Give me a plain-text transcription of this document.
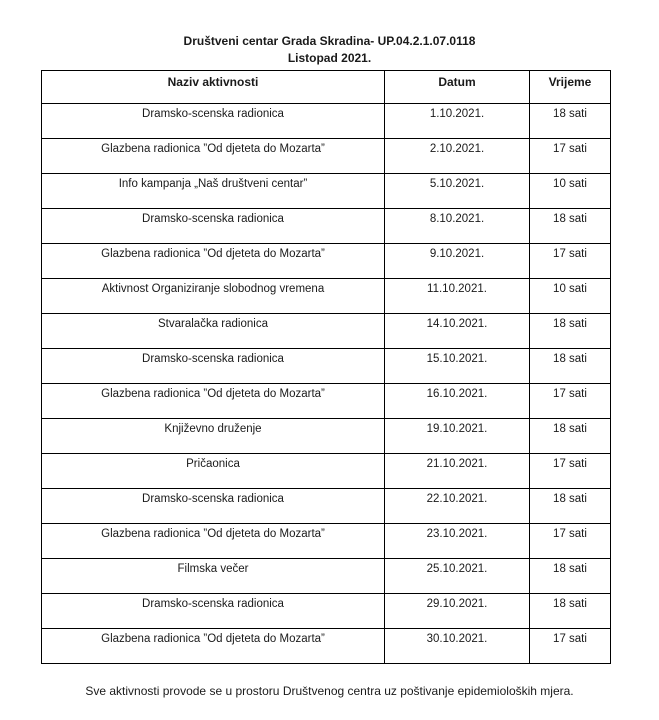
Društveni centar Grada Skradina- UP.04.2.1.07.0118
Listopad 2021.
Naziv aktivnosti	Datum	Vrijeme
Dramsko-scenska radionica	1.10.2021.	18 sati
Glazbena radionica ”Od djeteta do Mozarta”	2.10.2021.	17 sati
Info kampanja „Naš društveni centar”	5.10.2021.	10 sati
Dramsko-scenska radionica	8.10.2021.	18 sati
Glazbena radionica ”Od djeteta do Mozarta”	9.10.2021.	17 sati
Aktivnost Organiziranje slobodnog vremena	11.10.2021.	10 sati
Stvaralačka radionica	14.10.2021.	18 sati
Dramsko-scenska radionica	15.10.2021.	18 sati
Glazbena radionica ”Od djeteta do Mozarta”	16.10.2021.	17 sati
Književno druženje	19.10.2021.	18 sati
Pričaonica	21.10.2021.	17 sati
Dramsko-scenska radionica	22.10.2021.	18 sati
Glazbena radionica ”Od djeteta do Mozarta”	23.10.2021.	17 sati
Filmska večer	25.10.2021.	18 sati
Dramsko-scenska radionica	29.10.2021.	18 sati
Glazbena radionica ”Od djeteta do Mozarta”	30.10.2021.	17 sati
Sve aktivnosti provode se u prostoru Društvenog centra uz poštivanje epidemioloških mjera.
